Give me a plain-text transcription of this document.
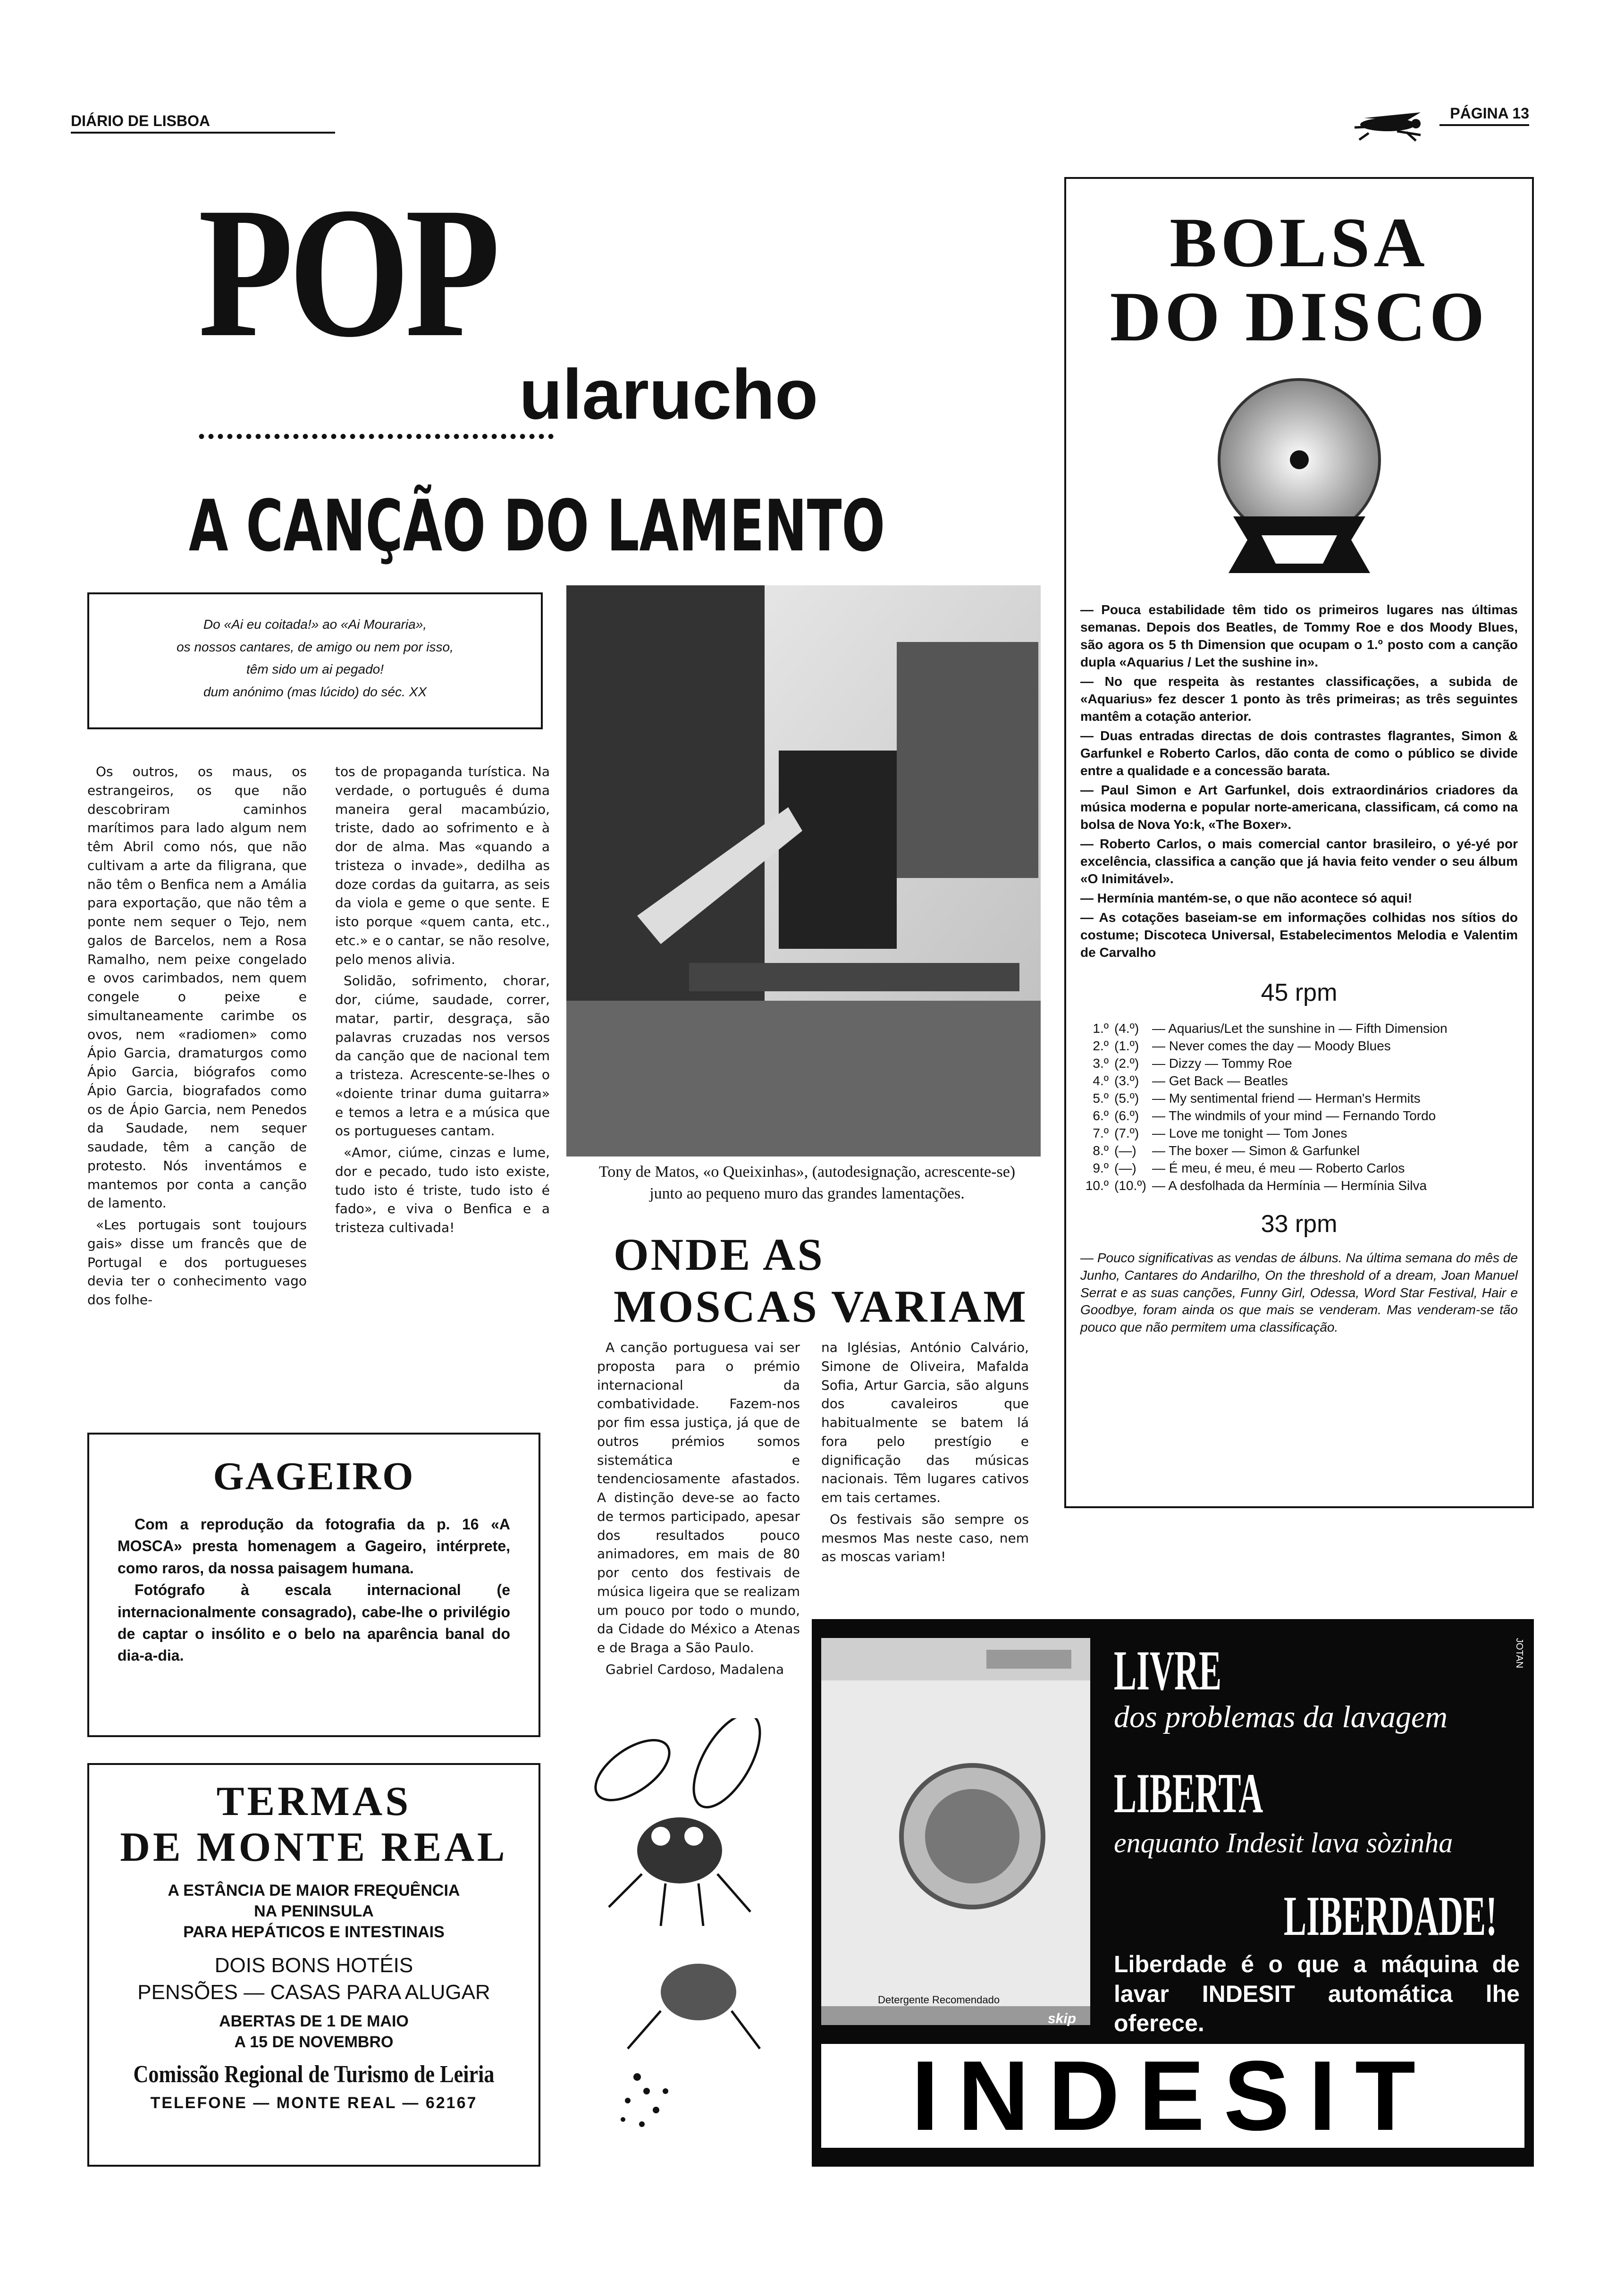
DIÁRIO DE LISBOA	PÁGINA 13
POP
ularucho
••••••••••••••••••••••••••••••••••••••
A CANÇÃO DO LAMENTO
Do «Ai eu coitada!» ao «Ai Mouraria»,
os nossos cantares, de amigo ou nem por isso,
têm sido um ai pegado!
dum anónimo (mas lúcido) do séc. XX

Os outros, os maus, os estrangeiros, os que não descobriram caminhos marítimos para lado algum nem têm Abril como nós, que não cultivam a arte da filigrana, que não têm o Benfica nem a Amália para exportação, que não têm a ponte nem sequer o Tejo, nem galos de Barcelos, nem a Rosa Ramalho, nem peixe congelado e ovos carimbados, nem quem congele o peixe e simultaneamente carimbe os ovos, nem «radiomen» como Ápio Garcia, dramaturgos como Ápio Garcia, biógrafos como Ápio Garcia, biografados como os de Ápio Garcia, nem Penedos da Saudade, nem sequer saudade, têm a canção de protesto. Nós inventámos e mantemos por conta a canção de lamento.

«Les portugais sont toujours gais» disse um francês que de Portugal e dos portugueses devia ter o conhecimento vago dos folhe-

tos de propaganda turística. Na verdade, o português é duma maneira geral macambúzio, triste, dado ao sofrimento e à dor de alma. Mas «quando a tristeza o invade», dedilha as doze cordas da guitarra, as seis da viola e geme o que sente. E isto porque «quem canta, etc., etc.» e o cantar, se não resolve, pelo menos alivia.

Solidão, sofrimento, chorar, dor, ciúme, saudade, correr, matar, partir, desgraça, são palavras cruzadas nos versos da canção que de nacional tem a tristeza. Acrescente-se-lhes o «doiente trinar duma guitarra» e temos a letra e a música que os portugueses cantam.

«Amor, ciúme, cinzas e lume, dor e pecado, tudo isto existe, tudo isto é triste, tudo isto é fado», e viva o Benfica e a tristeza cultivada!

Tony de Matos, «o Queixinhas», (autodesignação, acrescente-se) junto ao pequeno muro das grandes lamentações.
ONDE AS
MOSCAS VARIAM

A canção portuguesa vai ser proposta para o prémio internacional da combatividade. Fazem-nos por fim essa justiça, já que de outros prémios somos sistemática e tendenciosamente afastados. A distinção deve-se ao facto de termos participado, apesar dos resultados pouco animadores, em mais de 80 por cento dos festivais de música ligeira que se realizam um pouco por todo o mundo, da Cidade do México a Atenas e de Braga a São Paulo.

Gabriel Cardoso, Madalena

na Iglésias, António Calvário, Simone de Oliveira, Mafalda Sofia, Artur Garcia, são alguns dos cavaleiros que habitualmente se batem lá fora pelo prestígio e dignificação das músicas nacionais. Têm lugares cativos em tais certames.

Os festivais são sempre os mesmos Mas neste caso, nem as moscas variam!

GAGEIRO
Com a reprodução da fotografia da p. 16 «A MOSCA» presta homenagem a Gageiro, intérprete, como raros, da nossa paisagem humana.
Fotógrafo à escala internacional (e internacionalmente consagrado), cabe-lhe o privilégio de captar o insólito e o belo na aparência banal do dia-a-dia.
TERMAS
DE MONTE REAL
A ESTÂNCIA DE MAIOR FREQUÊNCIA
NA PENINSULA
PARA HEPÁTICOS E INTESTINAIS
DOIS BONS HOTÉIS
PENSÕES — CASAS PARA ALUGAR
ABERTAS DE 1 DE MAIO
A 15 DE NOVEMBRO
Comissão Regional de Turismo de Leiria
TELEFONE — MONTE REAL — 62167
BOLSA
DO DISCO

— Pouca estabilidade têm tido os primeiros lugares nas últimas semanas. Depois dos Beatles, de Tommy Roe e dos Moody Blues, são agora os 5 th Dimension que ocupam o 1.º posto com a canção dupla «Aquarius / Let the sushine in».

— No que respeita às restantes classificações, a subida de «Aquarius» fez descer 1 ponto às três primeiras; as três seguintes mantêm a cotação anterior.

— Duas entradas directas de dois contrastes flagrantes, Simon & Garfunkel e Roberto Carlos, dão conta de como o público se divide entre a qualidade e a concessão barata.

— Paul Simon e Art Garfunkel, dois extraordinários criadores da música moderna e popular norte-americana, classificam, cá como na bolsa de Nova Yo:k, «The Boxer».

— Roberto Carlos, o mais comercial cantor brasileiro, o yé-yé por excelência, classifica a canção que já havia feito vender o seu álbum «O Inimitável».

— Hermínia mantém-se, o que não acontece só aqui!

— As cotações baseiam-se em informações colhidas nos sítios do costume; Discoteca Universal, Estabelecimentos Melodia e Valentim de Carvalho

45 rpm
1.º (4.º) — Aquarius/Let the sunshine in — Fifth Dimension
2.º (1.º) — Never comes the day — Moody Blues
3.º (2.º) — Dizzy — Tommy Roe
4.º (3.º) — Get Back — Beatles
5.º (5.º) — My sentimental friend — Herman's Hermits
6.º (6.º) — The windmils of your mind — Fernando Tordo
7.º (7.º) — Love me tonight — Tom Jones
8.º (—)	— The boxer — Simon & Garfunkel
9.º (—)	— É meu, é meu, é meu — Roberto Carlos
10.º (10.º) — A desfolhada da Hermínia — Hermínia Silva
33 rpm
— Pouco significativas as vendas de álbuns. Na última semana do mês de Junho, Cantares do Andarilho, On the threshold of a dream, Joan Manuel Serrat e as suas canções, Funny Girl, Odessa, Word Star Festival, Hair e Goodbye, foram ainda os que mais se venderam. Mas venderam-se tão pouco que não permitem uma classificação.
Detergente Recomendado
skip
JOTAN
LIVRE
dos problemas da lavagem
LIBERTA
enquanto Indesit lava sòzinha
LIBERDADE!
Liberdade é o que a máquina de lavar INDESIT automática lhe oferece.
INDESIT
